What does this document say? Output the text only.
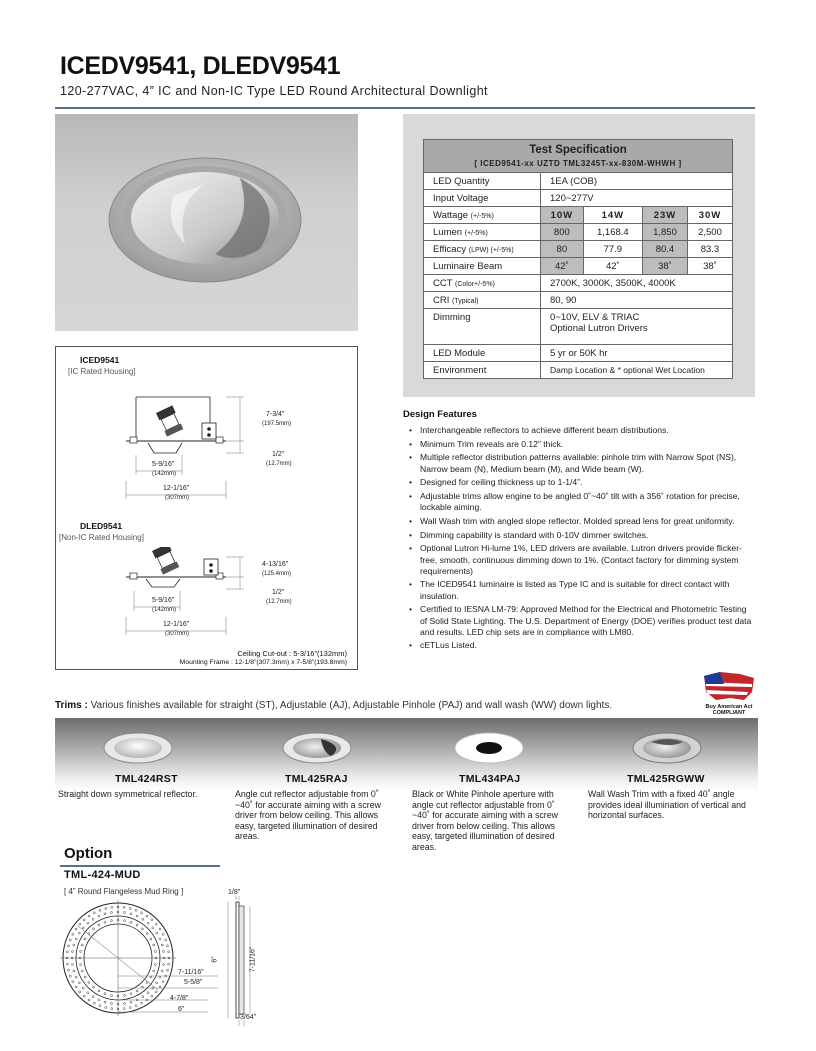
ICEDV9541, DLEDV9541
120-277VAC, 4” IC and Non-IC Type LED Round Architectural Downlight
Test Specification
[ ICED9541-xx UZTD TML3245T-xx-830M-WHWH ]				

LED Quantity	1EA (COB)			
Input Voltage	120~277V			
Wattage (+/-5%)	10W	14W	23W	30W
Lumen (+/-5%)	800	1,168.4	1,850	2,500
Efficacy (LPW) (+/-5%)	80	77.9	80.4	83.3
Luminaire Beam	42˚	42˚	38˚	38˚
CCT (Color+/-5%)	2700K, 3000K, 3500K, 4000K			
CRI (Typical)	80, 90			
Dimming	0~10V, ELV & TRIAC
Optional Lutron Drivers			

LED Module	5 yr or 50K hr			
Environment	Damp Location & * optional Wet Location			
ICED9541
[IC Rated Housing]
7-3/4”
(197.5mm)
1/2”
(12.7mm)
5-9/16”
(142mm)
12-1/16”
(307mm)
DLED9541
[Non-IC Rated Housing]
4-13/16”
(125.4mm)
1/2”
(12.7mm)
5-9/16”
(142mm)
12-1/16”
(307mm)
Ceiling Cut-out : 5-3/16”(132mm)
Mounting Frame : 12-1/8”(307.3mm) x 7-5/8”(193.8mm)
Design Features
• Interchangeable reflectors to achieve different beam distributions.
• Minimum Trim reveals are 0.12” thick.
• Multiple reflector distribution patterns available: pinhole trim with Narrow Spot (NS), Narrow beam (N), Medium beam (M), and Wide beam (W).
• Designed for ceiling thickness up to 1-1/4”.
• Adjustable trims allow engine to be angled 0˚~40˚ tilt with a 356˚ rotation for precise, lockable aiming.
• Wall Wash trim with angled slope reflector. Molded spread lens for great uniformity.
• Dimming capability is standard with 0-10V dimmer switches.
• Optional Lutron Hi-lume 1%, LED drivers are available. Lutron drivers provide flicker-free, smooth, continuous dimming down to 1%. (Contact factory for dimming system requirements)
• The ICED9541 luminaire is listed as Type IC and is suitable for direct contact with insulation.
• Certified to IESNA LM-79: Approved Method for the Electrical and Photometric Testing of Solid State Lighting. The U.S. Department of Energy (DOE) verifies product test data and results. LED chip sets are in compliance with LM80.
• cETLus Listed.
Buy American Act
COMPLIANT
Trims : Various finishes available for straight (ST), Adjustable (AJ), Adjustable Pinhole (PAJ) and wall wash (WW) down lights.
TML424RST
Straight down symmetrical reflector.
TML425RAJ
Angle cut reflector adjustable from 0˚ ~40˚ for accurate aiming with a screw driver from below ceiling. This allows easy, targeted illumination of desired areas.
TML434PAJ
Black or White Pinhole aperture with angle cut reflector adjustable from 0˚ ~40˚ for accurate aiming with a screw driver from below ceiling. This allows easy, targeted illumination of desired areas.
TML425RGWW
Wall Wash Trim with a fixed 40˚ angle provides ideal illumination of vertical and horizontal surfaces.
Option
TML-424-MUD
[ 4” Round Flangeless Mud Ring ]
7-11/16”
5-5/8”
4-7/8”
6”
1/8”
6”	7-11/16”
3/64”
